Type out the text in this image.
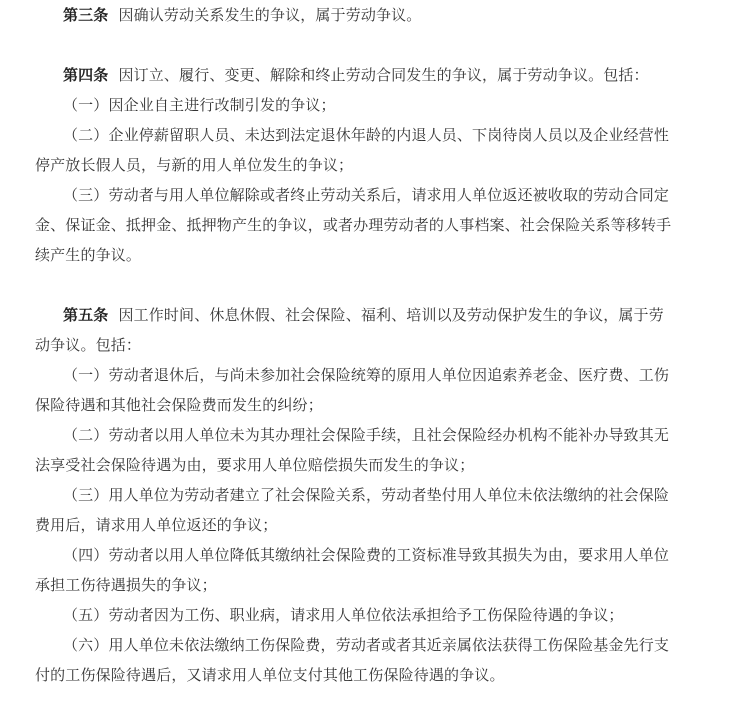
第三条 因确认劳动关系发生的争议，属于劳动争议。
第四条 因订立、履行、变更、解除和终止劳动合同发生的争议，属于劳动争议。包括：
（一）因企业自主进行改制引发的争议；
（二）企业停薪留职人员、未达到法定退休年龄的内退人员、下岗待岗人员以及企业经营性
停产放长假人员，与新的用人单位发生的争议；
（三）劳动者与用人单位解除或者终止劳动关系后，请求用人单位返还被收取的劳动合同定
金、保证金、抵押金、抵押物产生的争议，或者办理劳动者的人事档案、社会保险关系等移转手
续产生的争议。
第五条 因工作时间、休息休假、社会保险、福利、培训以及劳动保护发生的争议，属于劳
动争议。包括：
（一）劳动者退休后，与尚未参加社会保险统筹的原用人单位因追索养老金、医疗费、工伤
保险待遇和其他社会保险费而发生的纠纷；
（二）劳动者以用人单位未为其办理社会保险手续，且社会保险经办机构不能补办导致其无
法享受社会保险待遇为由，要求用人单位赔偿损失而发生的争议；
（三）用人单位为劳动者建立了社会保险关系，劳动者垫付用人单位未依法缴纳的社会保险
费用后，请求用人单位返还的争议；
（四）劳动者以用人单位降低其缴纳社会保险费的工资标准导致其损失为由，要求用人单位
承担工伤待遇损失的争议；
（五）劳动者因为工伤、职业病，请求用人单位依法承担给予工伤保险待遇的争议；
（六）用人单位未依法缴纳工伤保险费，劳动者或者其近亲属依法获得工伤保险基金先行支
付的工伤保险待遇后，又请求用人单位支付其他工伤保险待遇的争议。
